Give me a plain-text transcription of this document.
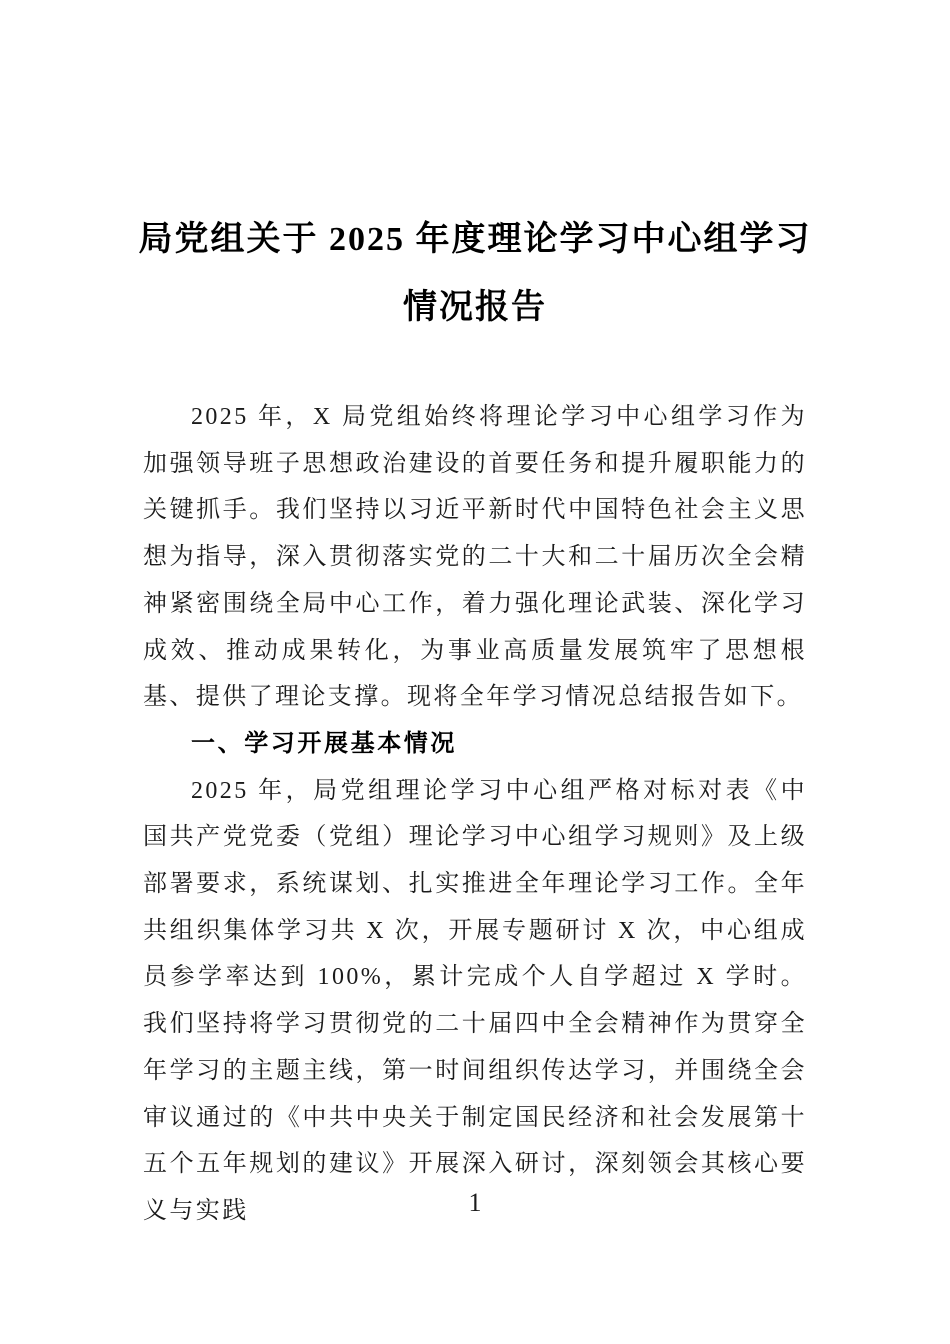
局党组关于 2025 年度理论学习中心组学习
情况报告

2025 年，X 局党组始终将理论学习中心组学习作为加强领导班子思想政治建设的首要任务和提升履职能力的关键抓手。我们坚持以习近平新时代中国特色社会主义思想为指导，深入贯彻落实党的二十大和二十届历次全会精神紧密围绕全局中心工作，着力强化理论武装、深化学习成效、推动成果转化，为事业高质量发展筑牢了思想根基、提供了理论支撑。现将全年学习情况总结报告如下。

一、学习开展基本情况

2025 年，局党组理论学习中心组严格对标对表《中国共产党党委（党组）理论学习中心组学习规则》及上级部署要求，系统谋划、扎实推进全年理论学习工作。全年共组织集体学习共 X 次，开展专题研讨 X 次，中心组成员参学率达到 100%，累计完成个人自学超过 X 学时。我们坚持将学习贯彻党的二十届四中全会精神作为贯穿全年学习的主题主线，第一时间组织传达学习，并围绕全会审议通过的《中共中央关于制定国民经济和社会发展第十五个五年规划的建议》开展深入研讨，深刻领会其核心要义与实践	1
